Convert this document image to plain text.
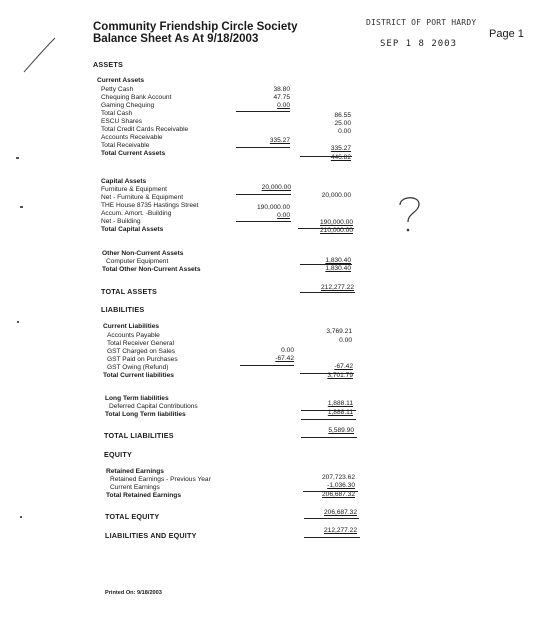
Community Friendship Circle Society
Balance Sheet As At 9/18/2003
DISTRICT OF PORT HARDY
SEP 1 8 2003
Page 1
ASSETS
Current Assets
Petty Cash
Chequing Bank Account
Gaming Chequing
Total Cash
ESCU Shares
Total Credit Cards Receivable
Accounts Receivable
Total Receivable
Total Current Assets
38.80
47.75
0.00
335.27
86.55
25.00
0.00
335.27
446.82
Capital Assets
Furniture & Equipment
Net - Furniture & Equipment
THE House 8735 Hastings Street
Accum. Amort. -Building
Net - Building
Total Capital Assets
20,000.00
190,000.00
0.00
20,000.00
190,000.00
210,000.00
Other Non-Current Assets
Computer Equipment
Total Other Non-Current Assets
1,830.40
1,830.40
TOTAL ASSETS	212,277.22
LIABILITIES
Current Liabilities
Accounts Payable
Total Receiver General
GST Charged on Sales
GST Paid on Purchases
GST Owing (Refund)
Total Current liabilities
3,769.21
0.00
0.00
-67.42
-67.42
3,701.79
Long Term liabilities
Deferred Capital Contributions
Total Long Term liabilities
1,888.11
1,888.11
TOTAL LIABILITIES
5,589.90
EQUITY
Retained Earnings
Retained Earnings - Previous Year
Current Earnings
Total Retained Earnings
207,723.62
-1,036.30
206,687.32
TOTAL EQUITY	206,687.32
LIABILITIES AND EQUITY
212,277.22
Printed On: 9/18/2003
